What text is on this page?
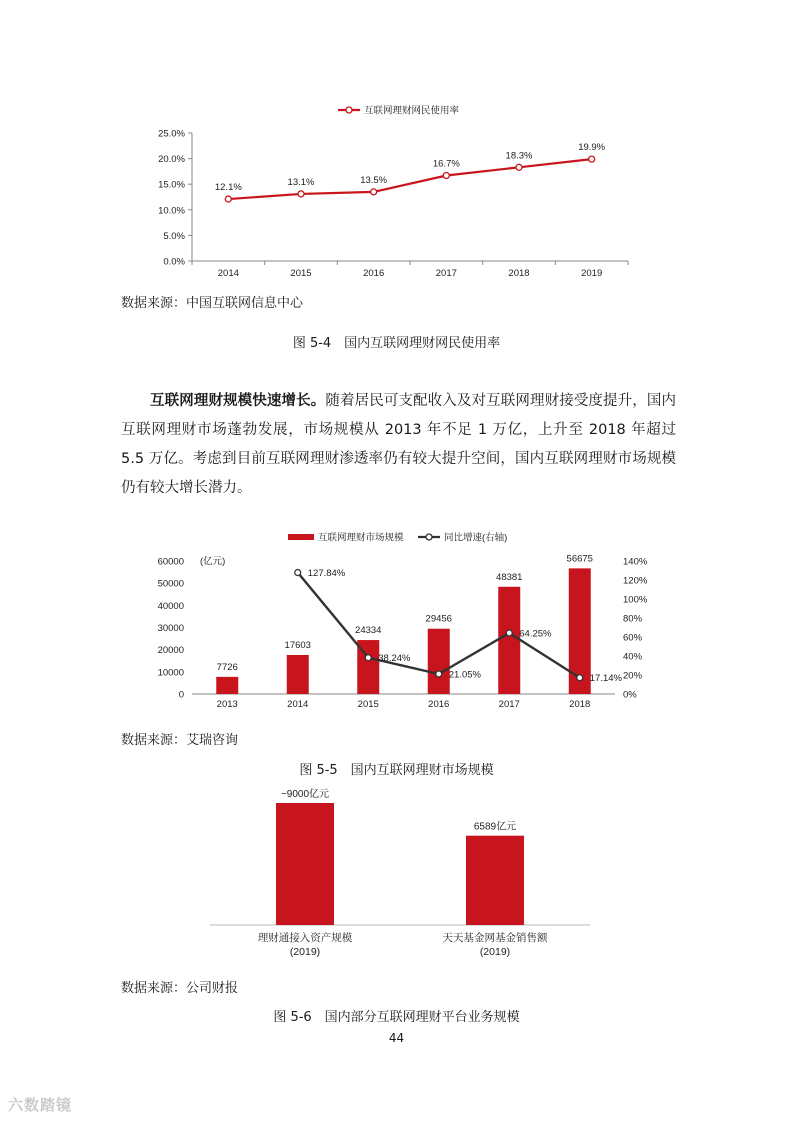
互联网理财网民使用率
25.0%
20.0%
15.0%
10.0%
5.0%
0.0%
2014	2015	2016	2017	2018	2019
12.1%	13.1%	13.5%
16.7%
18.3%
19.9%
数据来源：中国互联网信息中心
图 5-4　国内互联网理财网民使用率
互联网理财规模快速增长。随着居民可支配收入及对互联网理财接受度提升，国内互联网理财市场蓬勃发展，市场规模从 2013 年不足 1 万亿，上升至 2018 年超过 5.5 万亿。考虑到目前互联网理财渗透率仍有较大提升空间，国内互联网理财市场规模仍有较大增长潜力。
互联网理财市场规模	同比增速(右轴)
(亿元)
60000
50000
40000
30000
20000
10000
0
140%
120%
100%
80%
60%
40%
20%
0%
7726
2013
17603
2014
24334
2015
29456
2016
48381
2017
56675
2018
127.84%
38.24%
21.05%
64.25%
17.14%
数据来源：艾瑞咨询
图 5-5　国内互联网理财市场规模
~9000亿元
理财通接入资产规模
(2019)
6589亿元
天天基金网基金销售额
(2019)
数据来源：公司财报
图 5-6　国内部分互联网理财平台业务规模
44
六数踏镜
